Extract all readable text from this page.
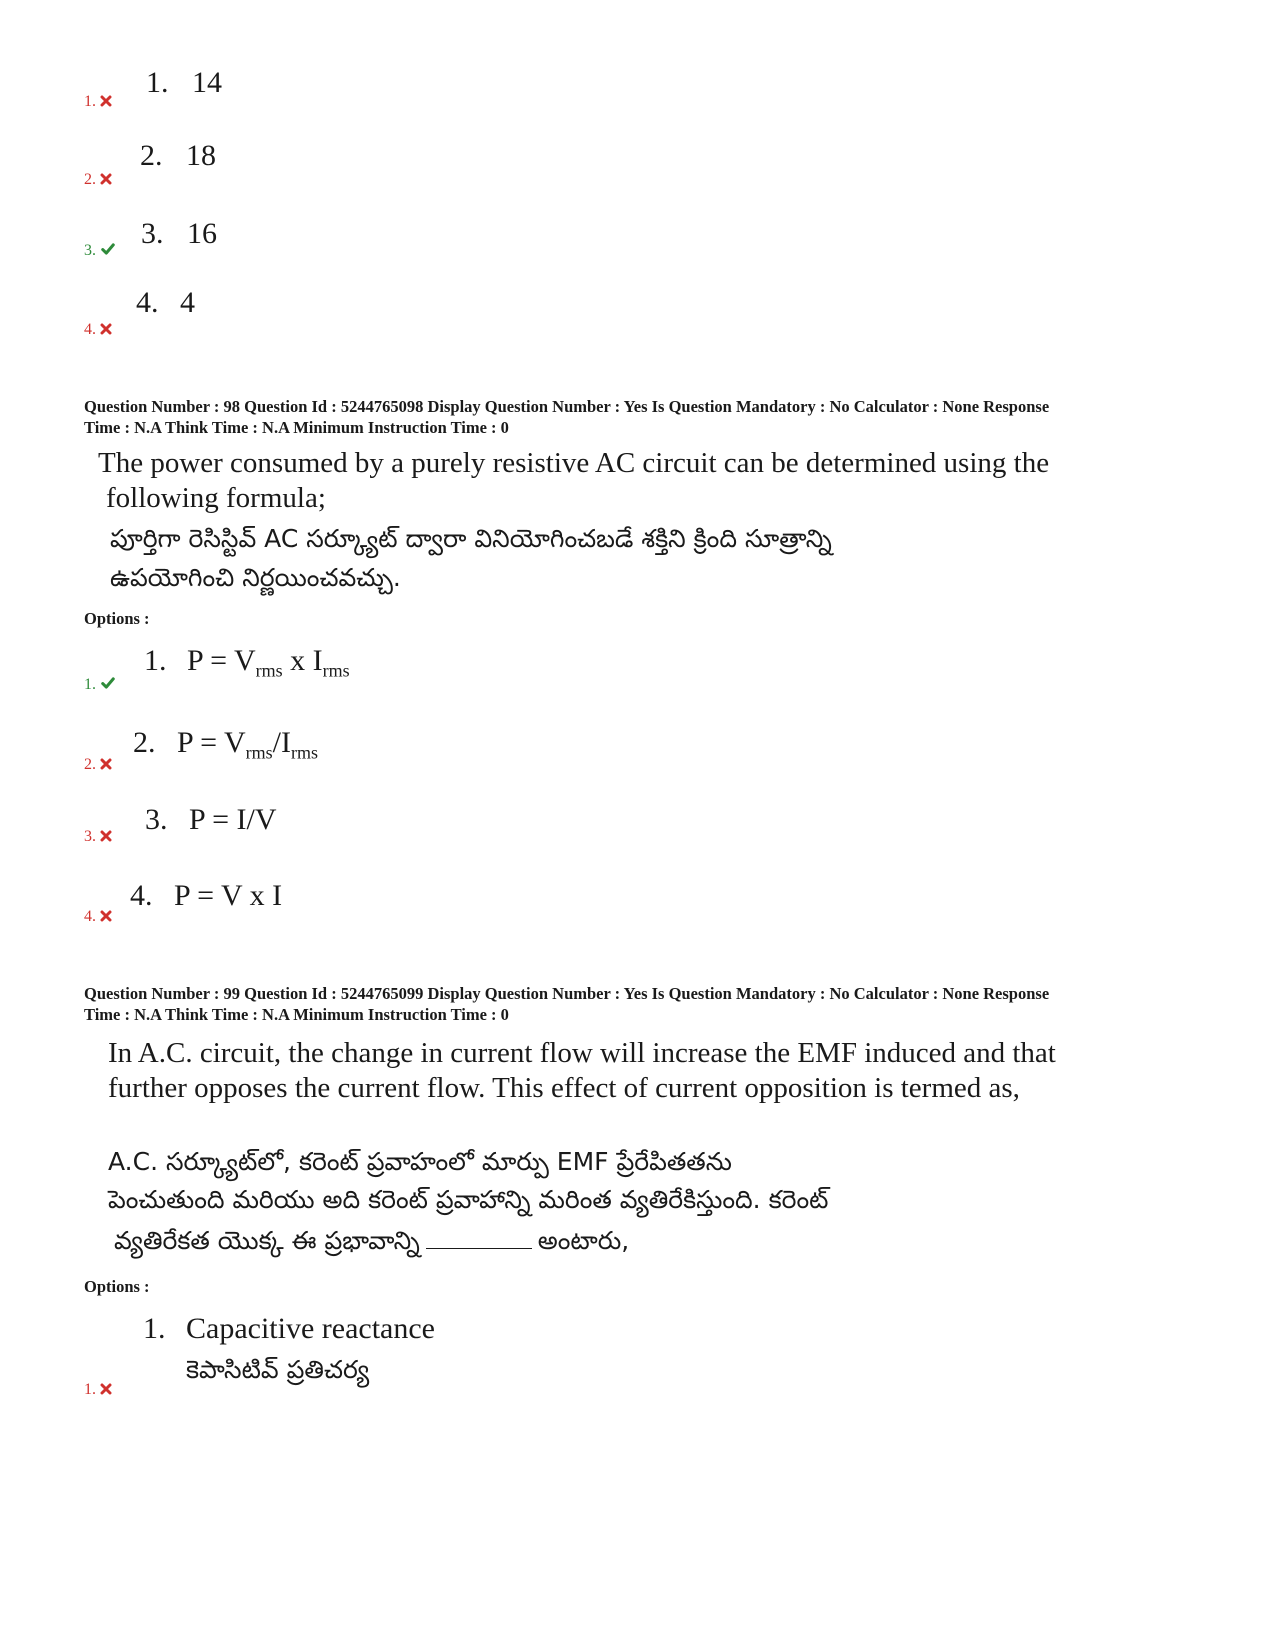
1.
1. 14
2.
2. 18
3.
3. 16
4.
4. 4
Question Number : 98 Question Id : 5244765098 Display Question Number : Yes Is Question Mandatory : No Calculator : None Response
Time : N.A Think Time : N.A Minimum Instruction Time : 0
The power consumed by a purely resistive AC circuit can be determined using the
following formula;
పూర్తిగా రెసిస్టివ్ AC సర్క్యూట్ ద్వారా వినియోగించబడే శక్తిని క్రింది సూత్రాన్ని
ఉపయోగించి నిర్ణయించవచ్చు.
Options :
1.
1. $P = V_{rms}$ x $I_{rms}$
2.
2. $P = V_{rms}/I_{rms}$
3.
3. P = I/V
4.
4. P = V x I
Question Number : 99 Question Id : 5244765099 Display Question Number : Yes Is Question Mandatory : No Calculator : None Response
Time : N.A Think Time : N.A Minimum Instruction Time : 0
In A.C. circuit, the change in current flow will increase the EMF induced and that
further opposes the current flow. This effect of current opposition is termed as,
A.C. సర్క్యూట్‌లో, కరెంట్ ప్రవాహంలో మార్పు EMF ప్రేరేపితతను
పెంచుతుంది మరియు అది కరెంట్ ప్రవాహాన్ని మరింత వ్యతిరేకిస్తుంది. కరెంట్
వ్యతిరేకత యొక్క ఈ ప్రభావాన్ని	అంటారు,
Options :
1.
1. Capacitive reactance
కెపాసిటివ్ ప్రతిచర్య
